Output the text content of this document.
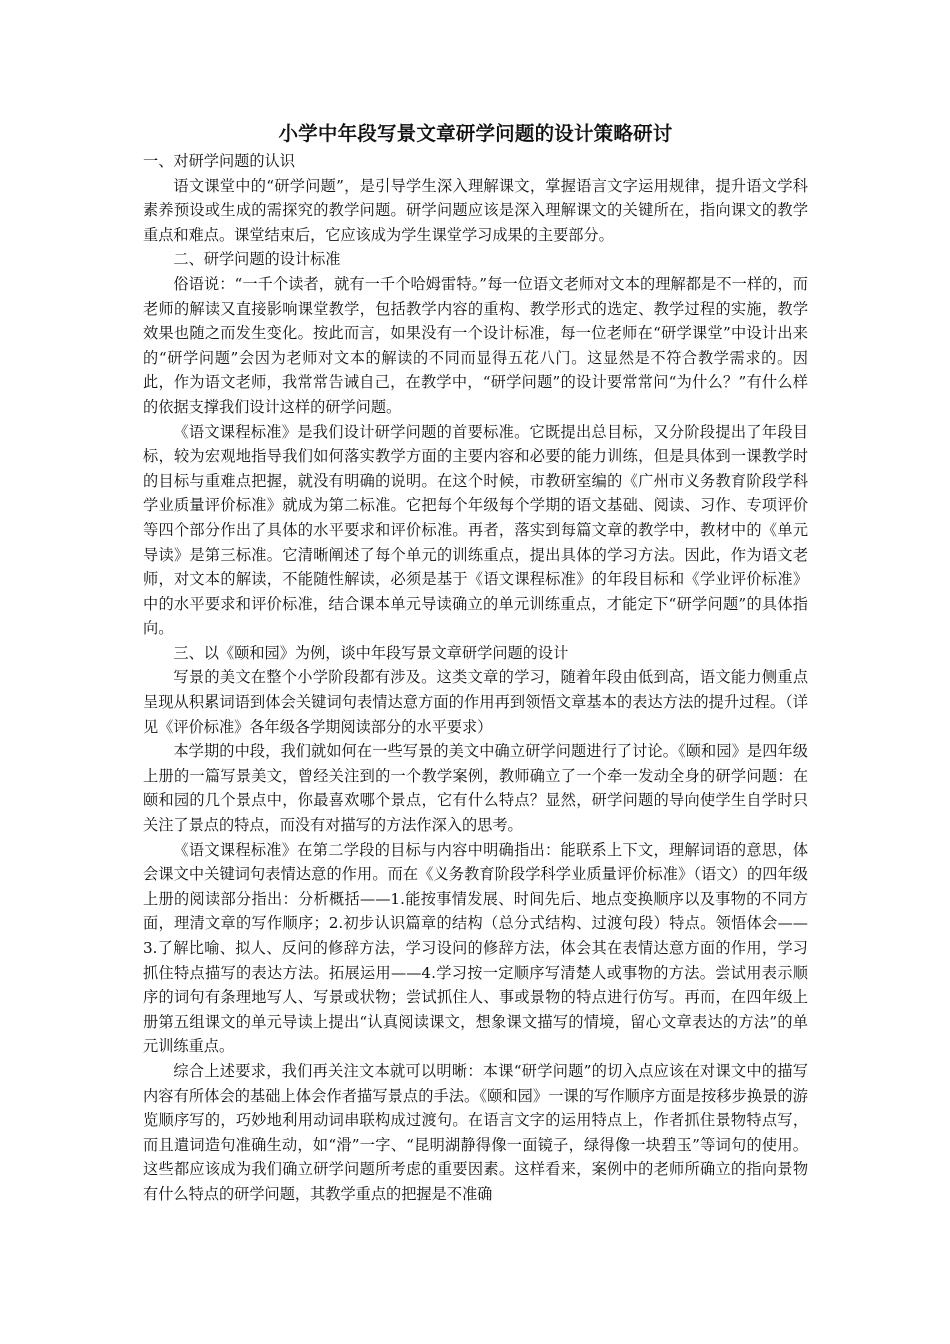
小学中年段写景文章研学问题的设计策略研讨

一、对研学问题的认识

语文课堂中的“研学问题”，是引导学生深入理解课文，掌握语言文字运用规律，提升语文学科素养预设或生成的需探究的教学问题。研学问题应该是深入理解课文的关键所在，指向课文的教学重点和难点。课堂结束后，它应该成为学生课堂学习成果的主要部分。

二、研学问题的设计标准

俗语说：“一千个读者，就有一千个哈姆雷特。”每一位语文老师对文本的理解都是不一样的，而老师的解读又直接影响课堂教学，包括教学内容的重构、教学形式的选定、教学过程的实施，教学效果也随之而发生变化。按此而言，如果没有一个设计标准，每一位老师在“研学课堂”中设计出来的“研学问题”会因为老师对文本的解读的不同而显得五花八门。这显然是不符合教学需求的。因此，作为语文老师，我常常告诫自己，在教学中，“研学问题”的设计要常常问“为什么？”有什么样的依据支撑我们设计这样的研学问题。

《语文课程标准》是我们设计研学问题的首要标准。它既提出总目标，又分阶段提出了年段目标，较为宏观地指导我们如何落实教学方面的主要内容和必要的能力训练，但是具体到一课教学时的目标与重难点把握，就没有明确的说明。在这个时候，市教研室编的《广州市义务教育阶段学科学业质量评价标准》就成为第二标准。它把每个年级每个学期的语文基础、阅读、习作、专项评价等四个部分作出了具体的水平要求和评价标准。再者，落实到每篇文章的教学中，教材中的《单元导读》是第三标准。它清晰阐述了每个单元的训练重点，提出具体的学习方法。因此，作为语文老师，对文本的解读，不能随性解读，必须是基于《语文课程标准》的年段目标和《学业评价标准》中的水平要求和评价标准，结合课本单元导读确立的单元训练重点，才能定下“研学问题”的具体指向。

三、以《颐和园》为例，谈中年段写景文章研学问题的设计

写景的美文在整个小学阶段都有涉及。这类文章的学习，随着年段由低到高，语文能力侧重点呈现从积累词语到体会关键词句表情达意方面的作用再到领悟文章基本的表达方法的提升过程。（详见《评价标准》各年级各学期阅读部分的水平要求）

本学期的中段，我们就如何在一些写景的美文中确立研学问题进行了讨论。《颐和园》是四年级上册的一篇写景美文，曾经关注到的一个教学案例，教师确立了一个牵一发动全身的研学问题：在颐和园的几个景点中，你最喜欢哪个景点，它有什么特点？显然，研学问题的导向使学生自学时只关注了景点的特点，而没有对描写的方法作深入的思考。

《语文课程标准》在第二学段的目标与内容中明确指出：能联系上下文，理解词语的意思，体会课文中关键词句表情达意的作用。而在《义务教育阶段学科学业质量评价标准》（语文）的四年级上册的阅读部分指出：分析概括——1.能按事情发展、时间先后、地点变换顺序以及事物的不同方面，理清文章的写作顺序；2.初步认识篇章的结构（总分式结构、过渡句段）特点。领悟体会——3.了解比喻、拟人、反问的修辞方法，学习设问的修辞方法，体会其在表情达意方面的作用，学习抓住特点描写的表达方法。拓展运用——4.学习按一定顺序写清楚人或事物的方法。尝试用表示顺序的词句有条理地写人、写景或状物；尝试抓住人、事或景物的特点进行仿写。再而，在四年级上册第五组课文的单元导读上提出“认真阅读课文，想象课文描写的情境，留心文章表达的方法”的单元训练重点。

综合上述要求，我们再关注文本就可以明晰：本课“研学问题”的切入点应该在对课文中的描写内容有所体会的基础上体会作者描写景点的手法。《颐和园》一课的写作顺序方面是按移步换景的游览顺序写的，巧妙地利用动词串联构成过渡句。在语言文字的运用特点上，作者抓住景物特点写，而且遣词造句准确生动，如“滑”一字、“昆明湖静得像一面镜子，绿得像一块碧玉”等词句的使用。这些都应该成为我们确立研学问题所考虑的重要因素。这样看来，案例中的老师所确立的指向景物有什么特点的研学问题，其教学重点的把握是不准确
